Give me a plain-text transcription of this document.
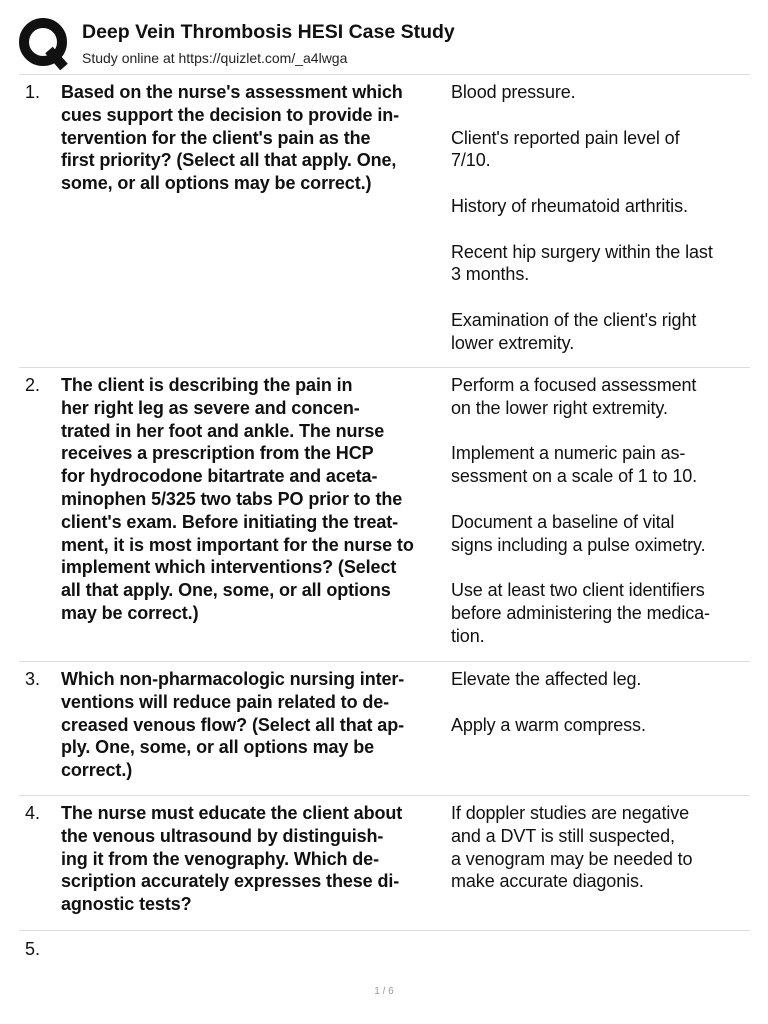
Deep Vein Thrombosis HESI Case Study
Study online at https://quizlet.com/_a4lwga
1. Based on the nurse's assessment which
cues support the decision to provide in-
tervention for the client's pain as the
first priority? (Select all that apply. One,
some, or all options may be correct.)

Blood pressure.

Client's reported pain level of
7/10.

History of rheumatoid arthritis.

Recent hip surgery within the last
3 months.

Examination of the client's right
lower extremity.

2. The client is describing the pain in
her right leg as severe and concen-
trated in her foot and ankle. The nurse
receives a prescription from the HCP
for hydrocodone bitartrate and aceta-
minophen 5/325 two tabs PO prior to the
client's exam. Before initiating the treat-
ment, it is most important for the nurse to
implement which interventions? (Select
all that apply. One, some, or all options
may be correct.)

Perform a focused assessment
on the lower right extremity.

Implement a numeric pain as-
sessment on a scale of 1 to 10.

Document a baseline of vital
signs including a pulse oximetry.

Use at least two client identifiers
before administering the medica-
tion.

3. Which non-pharmacologic nursing inter-
ventions will reduce pain related to de-
creased venous flow? (Select all that ap-
ply. One, some, or all options may be
correct.)

Elevate the affected leg.

Apply a warm compress.

4. The nurse must educate the client about
the venous ultrasound by distinguish-
ing it from the venography. Which de-
scription accurately expresses these di-
agnostic tests?

If doppler studies are negative
and a DVT is still suspected,
a venogram may be needed to
make accurate diagonis.

5.
1 / 6
